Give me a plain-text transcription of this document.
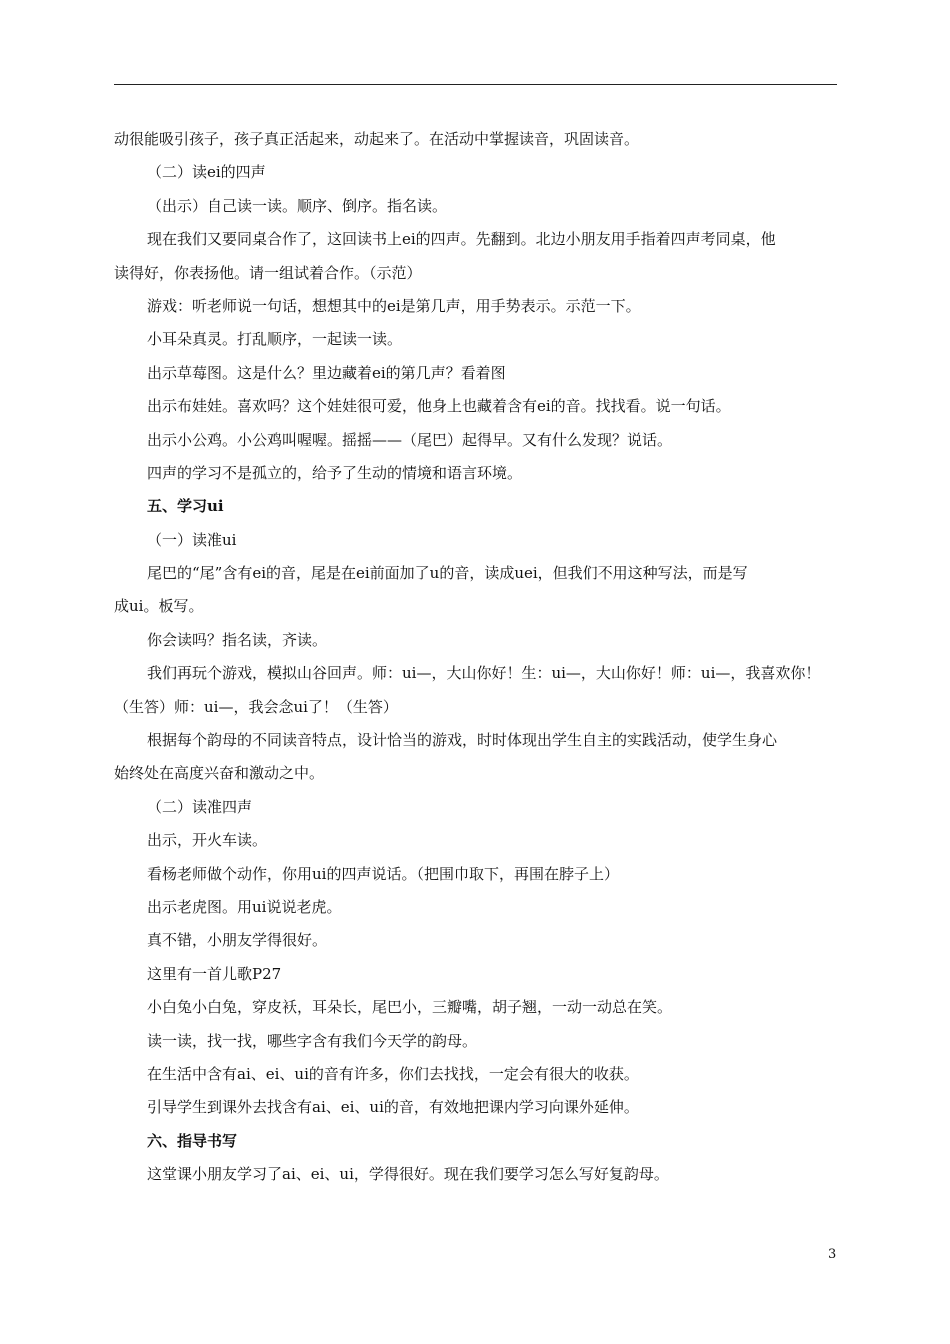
动很能吸引孩子，孩子真正活起来，动起来了。在活动中掌握读音，巩固读音。
（二）读ei的四声
（出示）自己读一读。顺序、倒序。指名读。
现在我们又要同桌合作了，这回读书上ei的四声。先翻到。北边小朋友用手指着四声考同桌，他
读得好，你表扬他。请一组试着合作。（示范）
游戏：听老师说一句话，想想其中的ei是第几声，用手势表示。示范一下。
小耳朵真灵。打乱顺序，一起读一读。
出示草莓图。这是什么？里边藏着ei的第几声？看着图
出示布娃娃。喜欢吗？这个娃娃很可爱，他身上也藏着含有ei的音。找找看。说一句话。
出示小公鸡。小公鸡叫喔喔。摇摇——（尾巴）起得早。又有什么发现？说话。
四声的学习不是孤立的，给予了生动的情境和语言环境。
五、学习ui
（一）读准ui
尾巴的“尾”含有ei的音，尾是在ei前面加了u的音，读成uei，但我们不用这种写法，而是写
成ui。板写。
你会读吗？指名读，齐读。
我们再玩个游戏，模拟山谷回声。师：ui—，大山你好！生：ui—，大山你好！师：ui—，我喜欢你！
（生答）师：ui—，我会念ui了！（生答）
根据每个韵母的不同读音特点，设计恰当的游戏，时时体现出学生自主的实践活动，使学生身心
始终处在高度兴奋和激动之中。
（二）读准四声
出示，开火车读。
看杨老师做个动作，你用ui的四声说话。（把围巾取下，再围在脖子上）
出示老虎图。用ui说说老虎。
真不错，小朋友学得很好。
这里有一首儿歌P27
小白兔小白兔，穿皮袄，耳朵长，尾巴小，三瓣嘴，胡子翘，一动一动总在笑。
读一读，找一找，哪些字含有我们今天学的韵母。
在生活中含有ai、ei、ui的音有许多，你们去找找，一定会有很大的收获。
引导学生到课外去找含有ai、ei、ui的音，有效地把课内学习向课外延伸。
六、指导书写
这堂课小朋友学习了ai、ei、ui，学得很好。现在我们要学习怎么写好复韵母。
3
